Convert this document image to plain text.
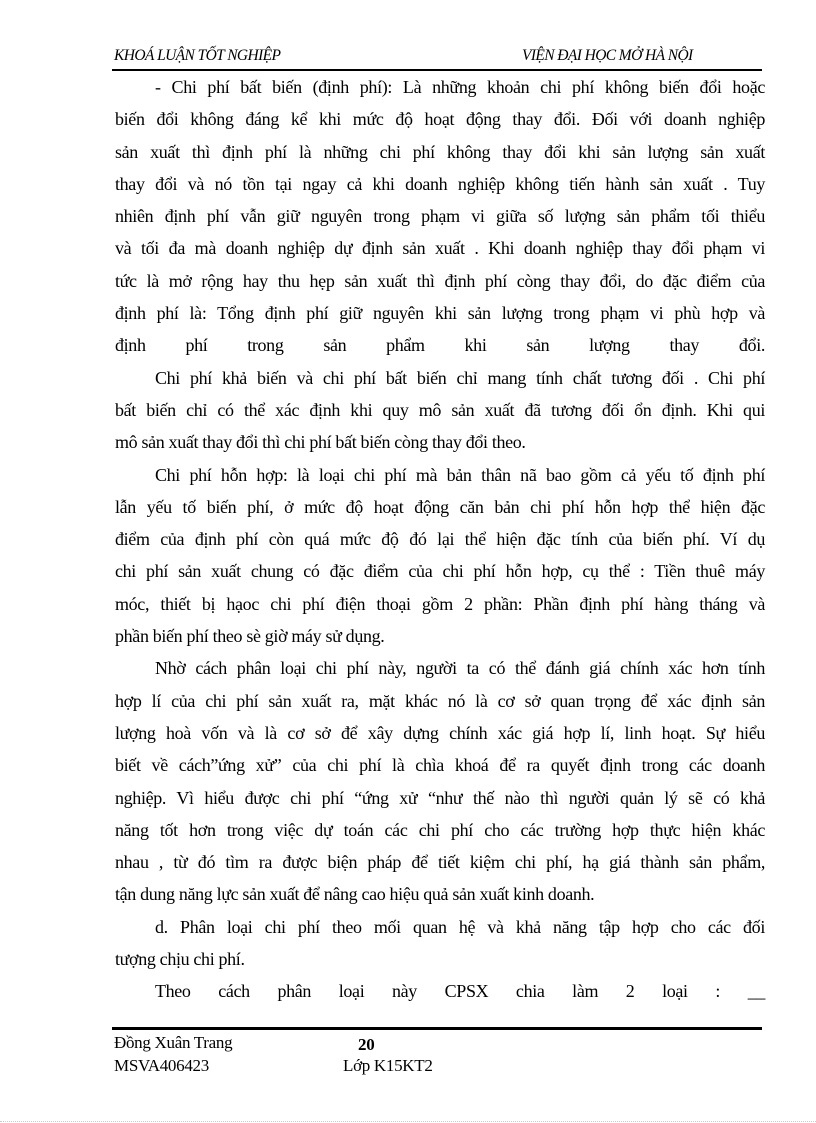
KHOÁ LUẬN TỐT NGHIỆP	VIỆN ĐẠI HỌC MỞ HÀ NỘI
- Chi phí bất biến (định phí): Là những khoản chi phí không biến đổi hoặc
biến đổi không đáng kể khi mức độ hoạt động thay đổi. Đối với doanh nghiệp
sản xuất thì định phí là những chi phí không thay đổi khi sản lượng sản xuất
thay đổi và nó tồn tại ngay cả khi doanh nghiệp không tiến hành sản xuất . Tuy
nhiên định phí vẫn giữ nguyên trong phạm vi giữa số lượng sản phẩm tối thiểu
và tối đa mà doanh nghiệp dự định sản xuất . Khi doanh nghiệp thay đổi phạm vi
tức là mở rộng hay thu hẹp sản xuất thì định phí còng thay đổi, do đặc điểm của
định phí là: Tổng định phí giữ nguyên khi sản lượng trong phạm vi phù hợp và
định phí trong sản phẩm khi sản lượng thay đổi.
Chi phí khả biến và chi phí bất biến chỉ mang tính chất tương đối . Chi phí
bất biến chỉ có thể xác định khi quy mô sản xuất đã tương đối ổn định. Khi qui
mô sản xuất thay đổi thì chi phí bất biến còng thay đổi theo.
Chi phí hỗn hợp: là loại chi phí mà bản thân nã bao gồm cả yếu tố định phí
lẫn yếu tố biến phí, ở mức độ hoạt động căn bản chi phí hỗn hợp thể hiện đặc
điểm của định phí còn quá mức độ đó lại thể hiện đặc tính của biến phí. Ví dụ
chi phí sản xuất chung có đặc điểm của chi phí hỗn hợp, cụ thể : Tiền thuê máy
móc, thiết bị hạoc chi phí điện thoại gồm 2 phần: Phần định phí hàng tháng và
phần biến phí theo sè giờ máy sử dụng.
Nhờ cách phân loại chi phí này, người ta có thể đánh giá chính xác hơn tính
hợp lí của chi phí sản xuất ra, mặt khác nó là cơ sở quan trọng để xác định sản
lượng hoà vốn và là cơ sở để xây dựng chính xác giá hợp lí, linh hoạt. Sự hiểu
biết về cách”ứng xử” của chi phí là chìa khoá để ra quyết định trong các doanh
nghiệp. Vì hiểu được chi phí “ứng xử “như thế nào thì người quản lý sẽ có khả
năng tốt hơn trong việc dự toán các chi phí cho các trường hợp thực hiện khác
nhau , từ đó tìm ra được biện pháp để tiết kiệm chi phí, hạ giá thành sản phẩm,
tận dung năng lực sản xuất để nâng cao hiệu quả sản xuất kinh doanh.
d. Phân loại chi phí theo mối quan hệ và khả năng tập hợp cho các đối
tượng chịu chi phí.
Theo cách phân loại này CPSX chia làm 2 loại : __
Đồng Xuân Trang
MSVA406423
20
Lớp K15KT2
